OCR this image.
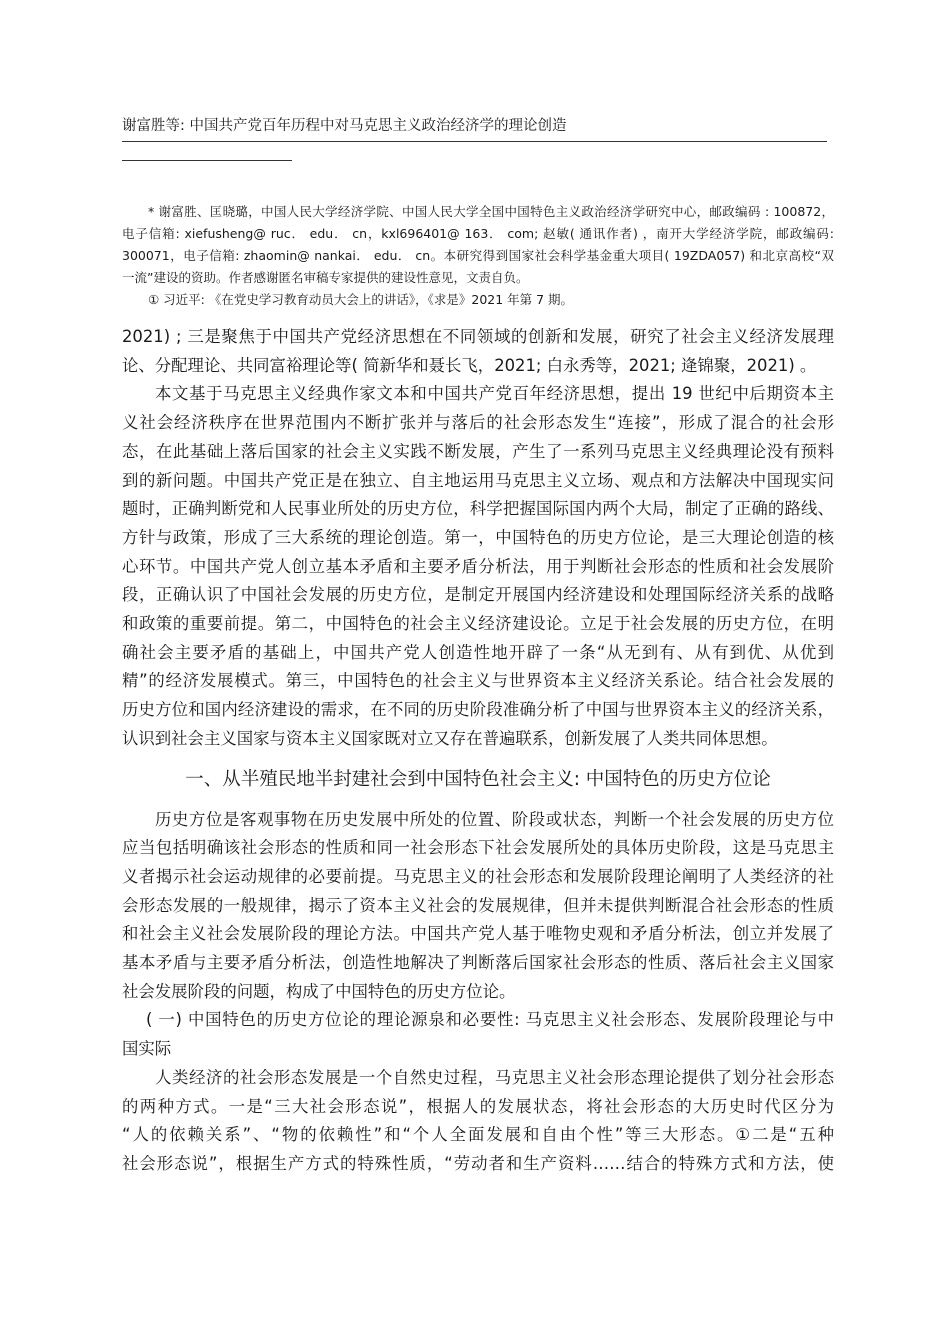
谢富胜等: 中国共产党百年历程中对马克思主义政治经济学的理论创造

* 谢富胜、匡晓璐，中国人民大学经济学院、中国人民大学全国中国特色主义政治经济学研究中心，邮政编码 : 100872，

电子信箱: xiefusheng@ ruc． edu． cn，kxl696401@ 163． com; 赵敏( 通讯作者) ，南开大学经济学院，邮政编码:

300071，电子信箱: zhaomin@ nankai． edu． cn。本研究得到国家社会科学基金重大项目( 19ZDA057) 和北京高校“双

一流”建设的资助。作者感谢匿名审稿专家提供的建设性意见，文责自负。

① 习近平: 《在党史学习教育动员大会上的讲话》，《求是》2021 年第 7 期。

2021) ; 三是聚焦于中国共产党经济思想在不同领域的创新和发展，研究了社会主义经济发展理

论、分配理论、共同富裕理论等( 简新华和聂长飞，2021; 白永秀等，2021; 逄锦聚，2021) 。

本文基于马克思主义经典作家文本和中国共产党百年经济思想，提出 19 世纪中后期资本主

义社会经济秩序在世界范围内不断扩张并与落后的社会形态发生“连接”，形成了混合的社会形

态，在此基础上落后国家的社会主义实践不断发展，产生了一系列马克思主义经典理论没有预料

到的新问题。中国共产党正是在独立、自主地运用马克思主义立场、观点和方法解决中国现实问

题时，正确判断党和人民事业所处的历史方位，科学把握国际国内两个大局，制定了正确的路线、

方针与政策，形成了三大系统的理论创造。第一，中国特色的历史方位论，是三大理论创造的核

心环节。中国共产党人创立基本矛盾和主要矛盾分析法，用于判断社会形态的性质和社会发展阶

段，正确认识了中国社会发展的历史方位，是制定开展国内经济建设和处理国际经济关系的战略

和政策的重要前提。第二，中国特色的社会主义经济建设论。立足于社会发展的历史方位，在明

确社会主要矛盾的基础上，中国共产党人创造性地开辟了一条“从无到有、从有到优、从优到

精”的经济发展模式。第三，中国特色的社会主义与世界资本主义经济关系论。结合社会发展的

历史方位和国内经济建设的需求，在不同的历史阶段准确分析了中国与世界资本主义的经济关系，

认识到社会主义国家与资本主义国家既对立又存在普遍联系，创新发展了人类共同体思想。

一、从半殖民地半封建社会到中国特色社会主义: 中国特色的历史方位论

历史方位是客观事物在历史发展中所处的位置、阶段或状态，判断一个社会发展的历史方位

应当包括明确该社会形态的性质和同一社会形态下社会发展所处的具体历史阶段，这是马克思主

义者揭示社会运动规律的必要前提。马克思主义的社会形态和发展阶段理论阐明了人类经济的社

会形态发展的一般规律，揭示了资本主义社会的发展规律，但并未提供判断混合社会形态的性质

和社会主义社会发展阶段的理论方法。中国共产党人基于唯物史观和矛盾分析法，创立并发展了

基本矛盾与主要矛盾分析法，创造性地解决了判断落后国家社会形态的性质、落后社会主义国家

社会发展阶段的问题，构成了中国特色的历史方位论。

( 一) 中国特色的历史方位论的理论源泉和必要性: 马克思主义社会形态、发展阶段理论与中

国实际

人类经济的社会形态发展是一个自然史过程，马克思主义社会形态理论提供了划分社会形态

的两种方式。一是“三大社会形态说”，根据人的发展状态，将社会形态的大历史时代区分为

“人的依赖关系”、“物的依赖性”和“个人全面发展和自由个性”等三大形态。①二是“五种

社会形态说”，根据生产方式的特殊性质，“劳动者和生产资料……结合的特殊方式和方法，使
